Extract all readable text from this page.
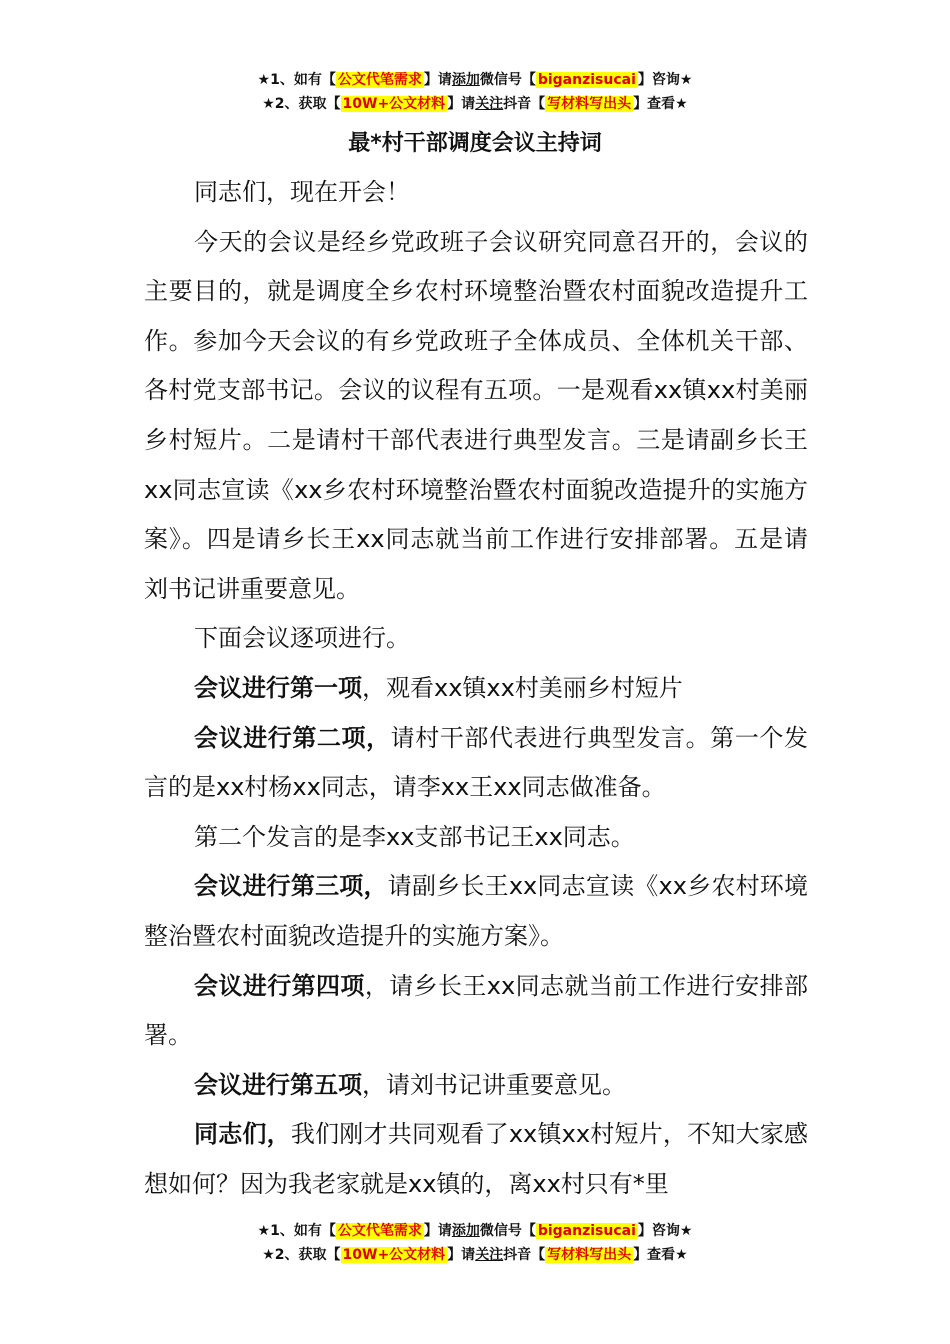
★1、如有【 公文代笔需求 】请添加微信号【 biganzisucai 】咨询★
★2、获取【 10W+公文材料 】请关注抖音【 写材料写出头 】查看★
最*村干部调度会议主持词

同志们，现在开会！

今天的会议是经乡党政班子会议研究同意召开的，会议的主要目的，就是调度全乡农村环境整治暨农村面貌改造提升工作。参加今天会议的有乡党政班子全体成员、全体机关干部、各村党支部书记。会议的议程有五项。一是观看xx镇xx村美丽乡村短片。二是请村干部代表进行典型发言。三是请副乡长王xx同志宣读《xx乡农村环境整治暨农村面貌改造提升的实施方案》。四是请乡长王xx同志就当前工作进行安排部署。五是请刘书记讲重要意见。

下面会议逐项进行。

会议进行第一项，观看xx镇xx村美丽乡村短片

会议进行第二项，请村干部代表进行典型发言。第一个发言的是xx村杨xx同志，请李xx王xx同志做准备。

第二个发言的是李xx支部书记王xx同志。

会议进行第三项，请副乡长王xx同志宣读《xx乡农村环境整治暨农村面貌改造提升的实施方案》。

会议进行第四项，请乡长王xx同志就当前工作进行安排部署。

会议进行第五项，请刘书记讲重要意见。

同志们，我们刚才共同观看了xx镇xx村短片，不知大家感想如何？因为我老家就是xx镇的，离xx村只有*里

★1、如有【 公文代笔需求 】请添加微信号【 biganzisucai 】咨询★
★2、获取【 10W+公文材料 】请关注抖音【 写材料写出头 】查看★
